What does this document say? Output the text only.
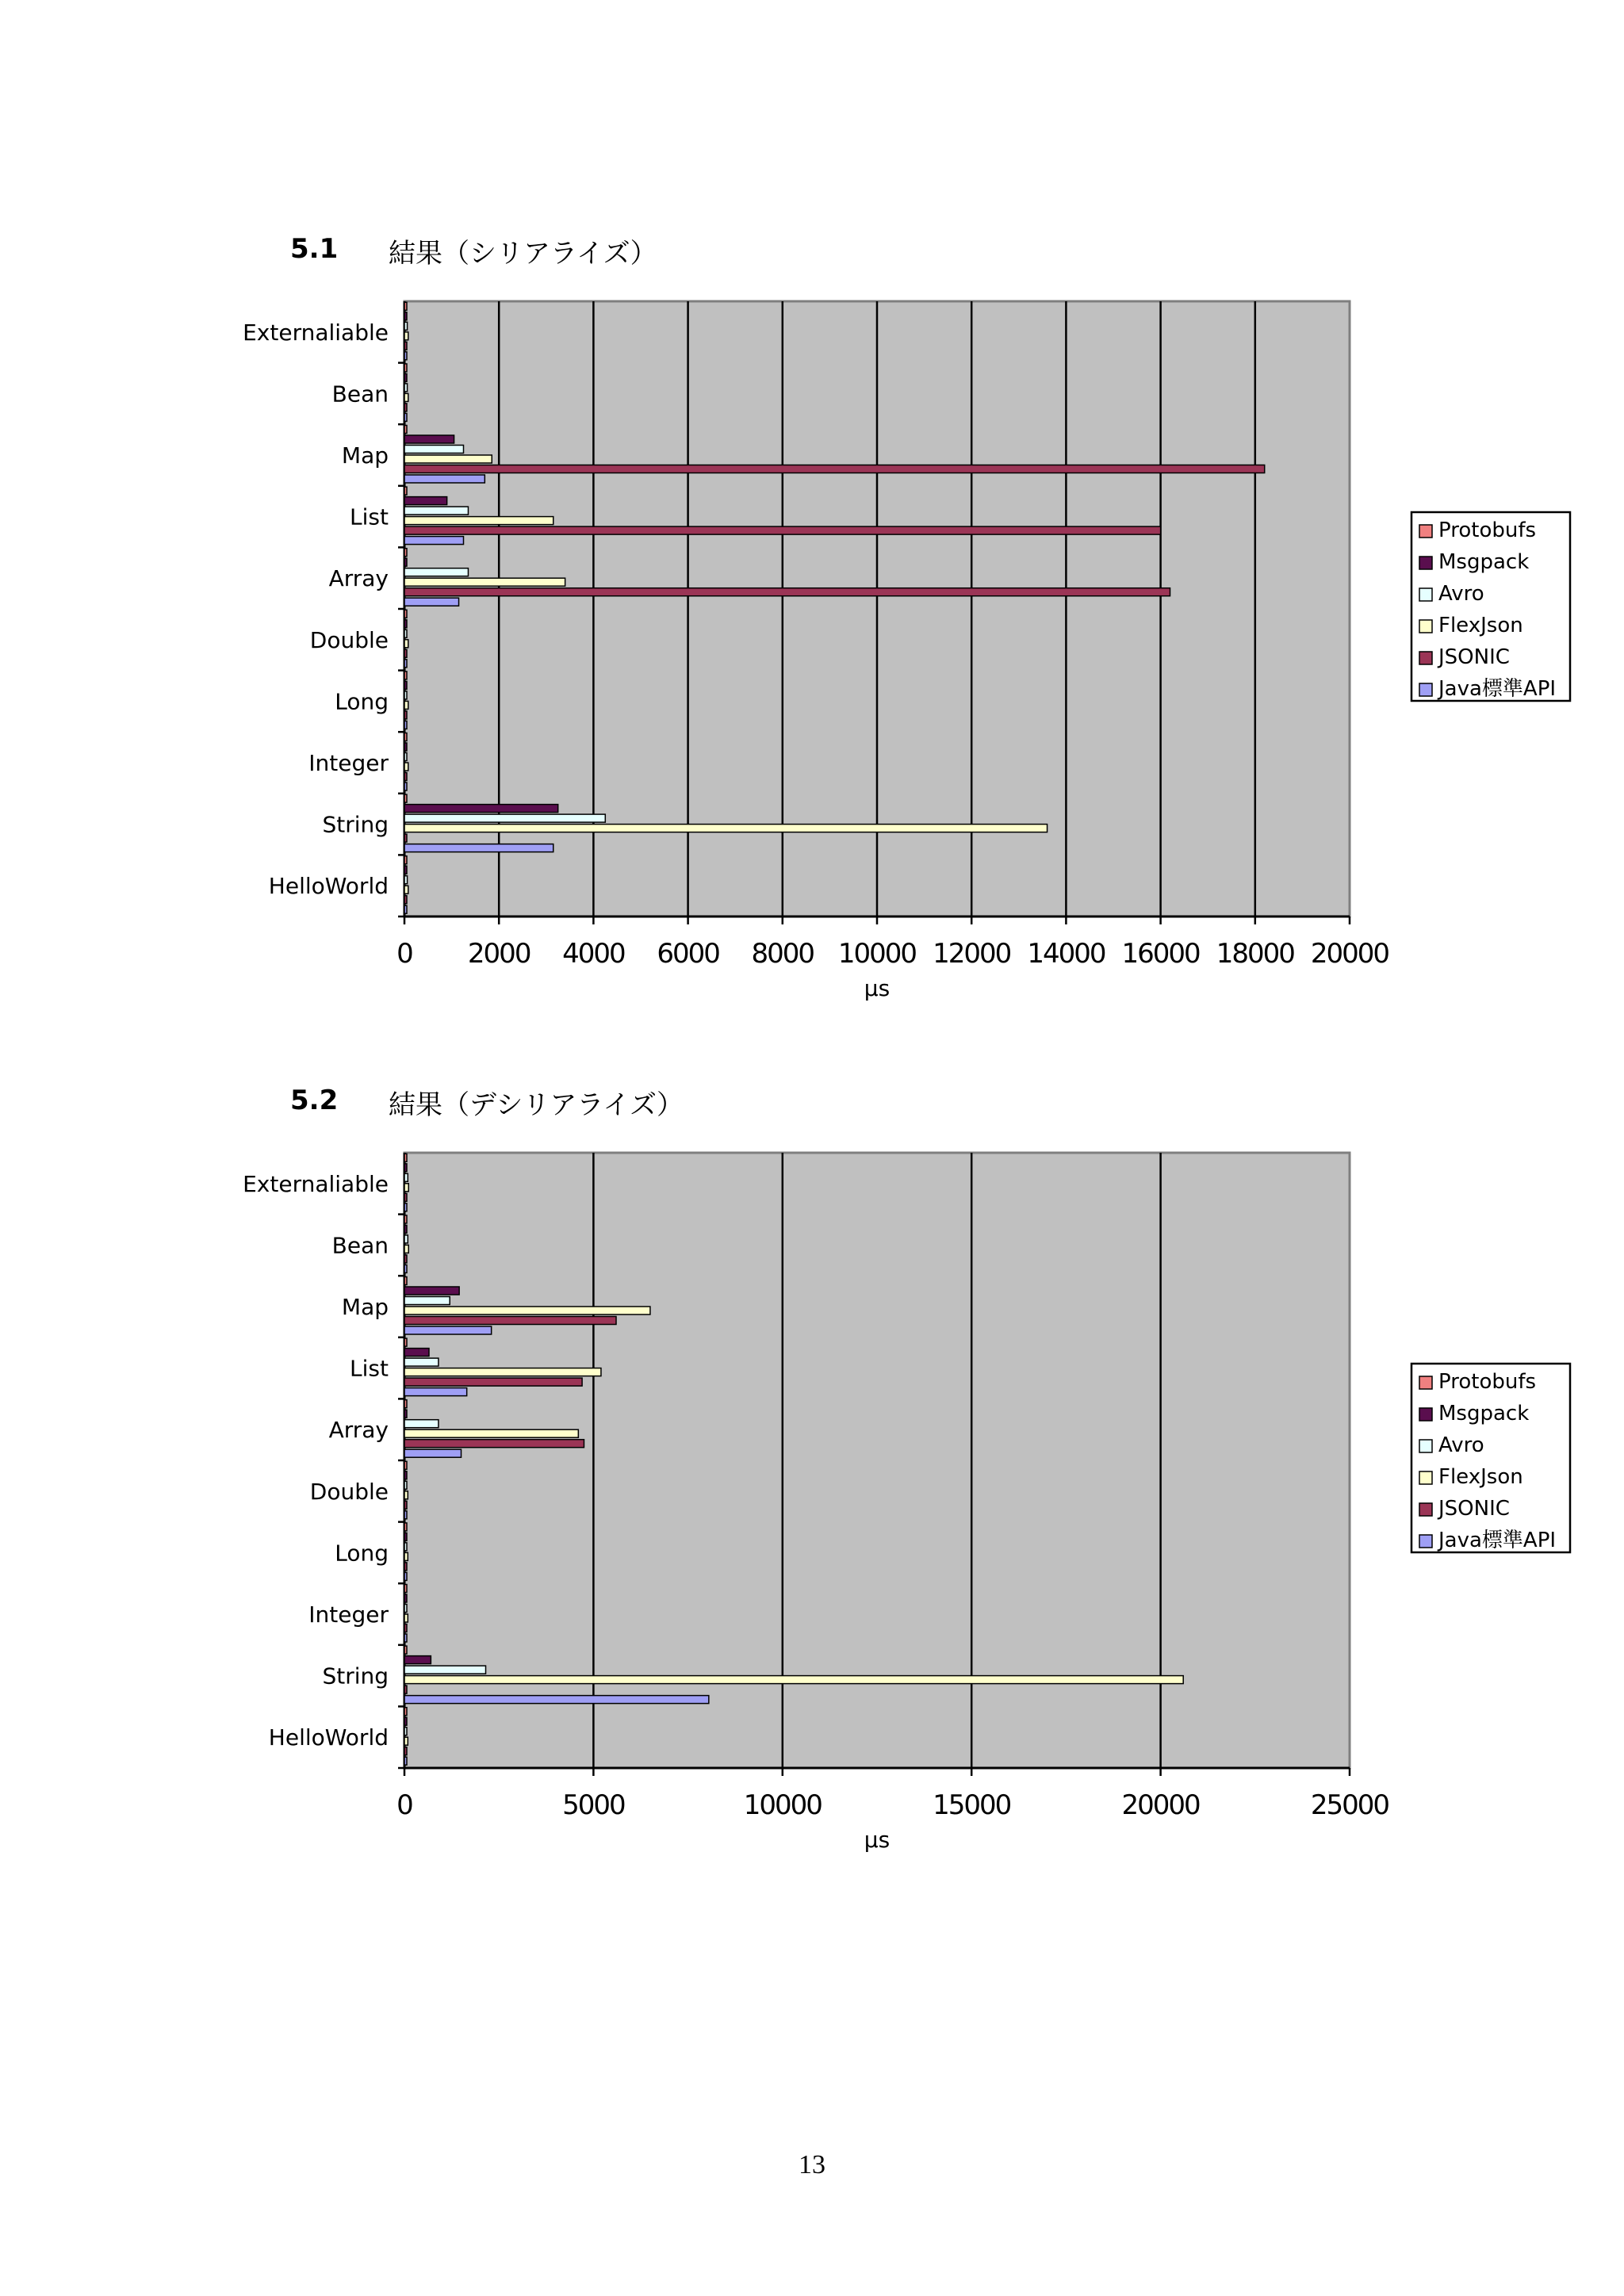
5.1 結果（シリアライズ）
0 2000 4000 6000 8000 10000 12000 14000 16000 18000 20000
μs
Externaliable
Bean
Map
List
Array
Double
Long
Integer
String
HelloWorld
Protobufs
Msgpack
Avro
FlexJson
JSONIC
Java標準API
5.2 結果（デシリアライズ）
0	5000	10000	15000	20000	25000
μs
Externaliable
Bean
Map
List
Array
Double
Long
Integer
String
HelloWorld
Protobufs
Msgpack
Avro
FlexJson
JSONIC
Java標準API
13
